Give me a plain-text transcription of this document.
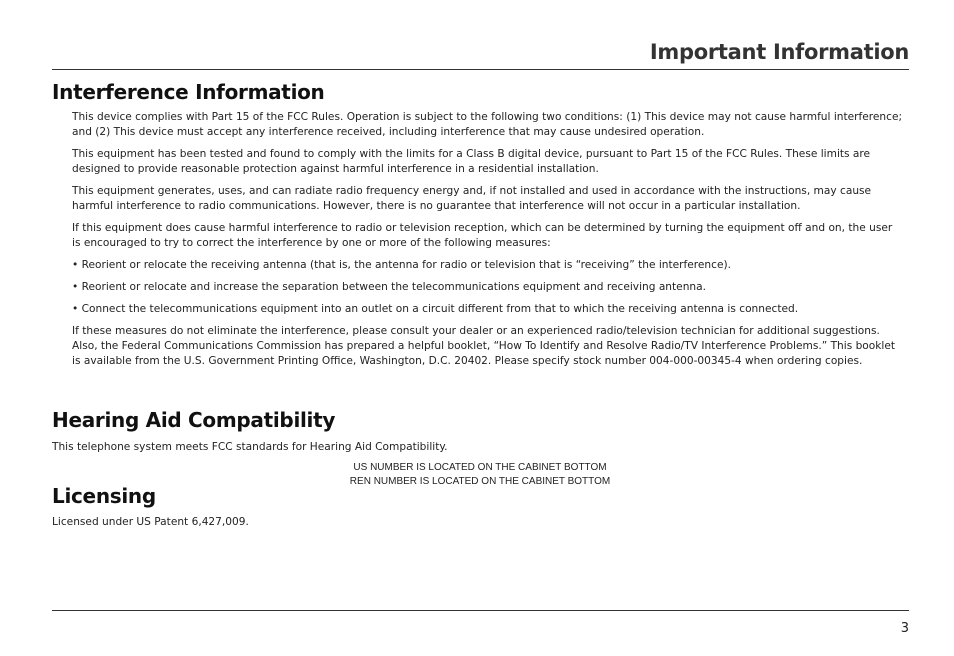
Important Information
Interference Information

This device complies with Part 15 of the FCC Rules. Operation is subject to the following two conditions: (1) This device may not cause harmful interference; and (2) This device must accept any interference received, including interference that may cause undesired operation.

This equipment has been tested and found to comply with the limits for a Class B digital device, pursuant to Part 15 of the FCC Rules. These limits are designed to provide reasonable protection against harmful interference in a residential installation.

This equipment generates, uses, and can radiate radio frequency energy and, if not installed and used in accordance with the instructions, may cause harmful interference to radio communications. However, there is no guarantee that interference will not occur in a particular installation.

If this equipment does cause harmful interference to radio or television reception, which can be determined by turning the equipment off and on, the user is encouraged to try to correct the interference by one or more of the following measures:

• Reorient or relocate the receiving antenna (that is, the antenna for radio or television that is “receiving” the interference).

• Reorient or relocate and increase the separation between the telecommunications equipment and receiving antenna.

• Connect the telecommunications equipment into an outlet on a circuit different from that to which the receiving antenna is connected.

If these measures do not eliminate the interference, please consult your dealer or an experienced radio/television technician for additional suggestions. Also, the Federal Communications Commission has prepared a helpful booklet, “How To Identify and Resolve Radio/TV Interference Problems.” This booklet is available from the U.S. Government Printing Office, Washington, D.C. 20402. Please specify stock number 004-000-00345-4 when ordering copies.

Hearing Aid Compatibility
This telephone system meets FCC standards for Hearing Aid Compatibility.
US NUMBER IS LOCATED ON THE CABINET BOTTOM
REN NUMBER IS LOCATED ON THE CABINET BOTTOM
Licensing
Licensed under US Patent 6,427,009.
3
